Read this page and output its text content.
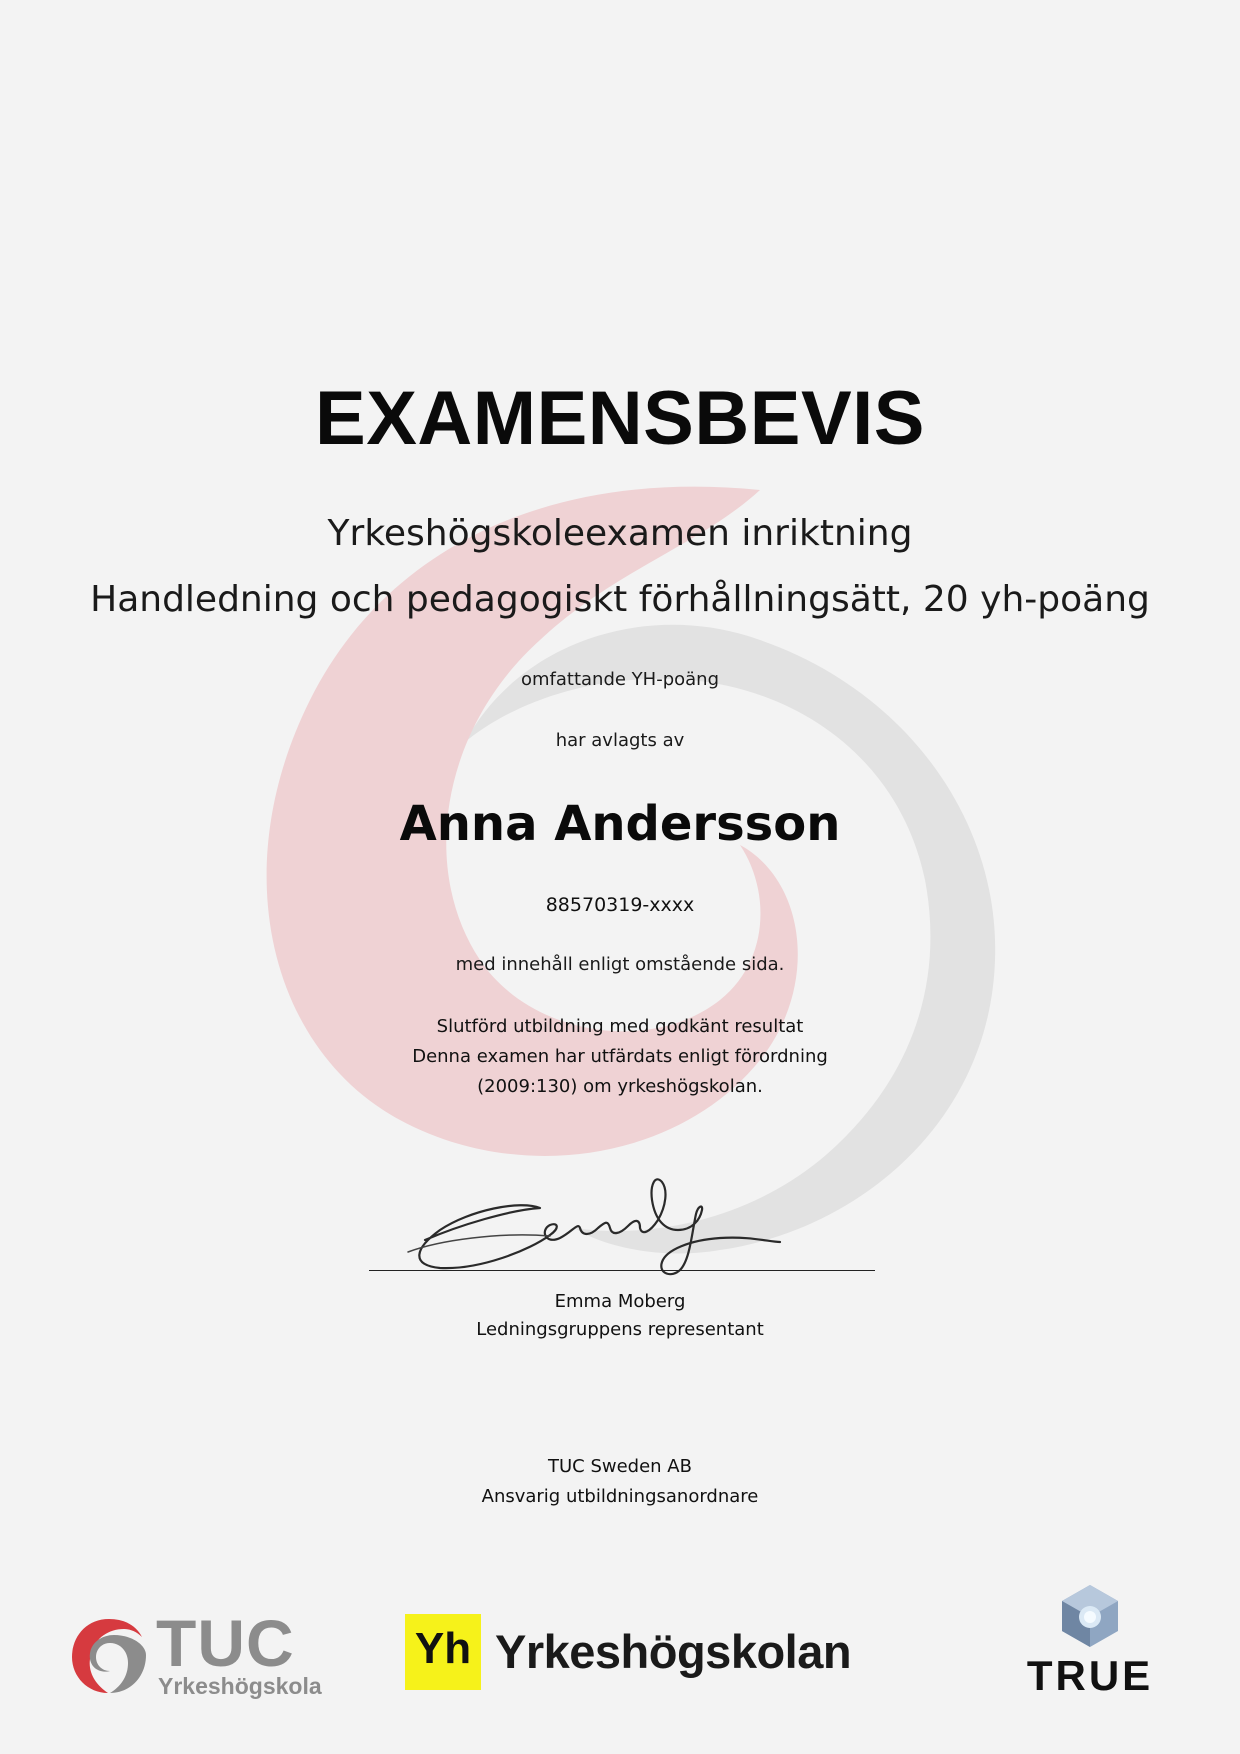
EXAMENSBEVIS
Yrkeshögskoleexamen inriktning
Handledning och pedagogiskt förhållningsätt, 20 yh-poäng
omfattande YH-poäng
har avlagts av
Anna Andersson
88570319-xxxx
med innehåll enligt omstående sida.
Slutförd utbildning med godkänt resultat
Denna examen har utfärdats enligt förordning
(2009:130) om yrkeshögskolan.
Emma Moberg
Ledningsgruppens representant
TUC Sweden AB
Ansvarig utbildningsanordnare
TUC
Yrkeshögskola
Yh Yrkeshögskolan	TRUE
